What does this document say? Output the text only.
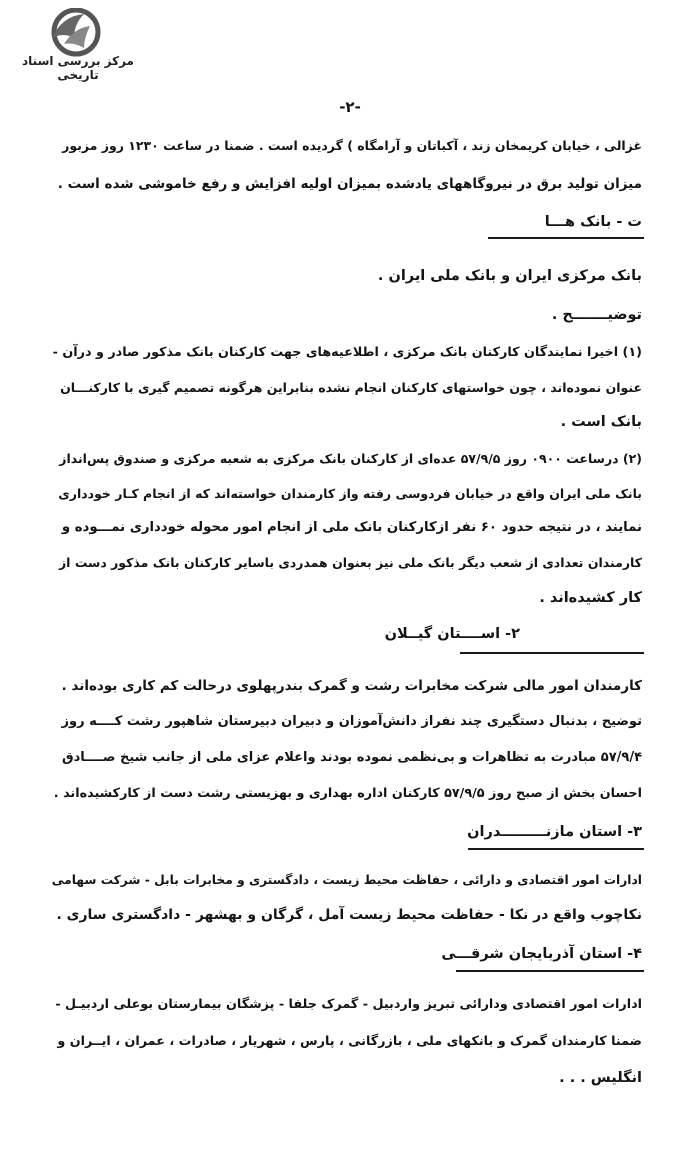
مرکز بررسی اسناد تاریخی
-۲-
غزالی ، خیابان کریمخان زند ، آکباتان و آرامگاه ) گردیده است . ضمنا در ساعت ۱۲۳۰ روز مزبور
میزان تولید برق در نیروگاههای یادشده بمیزان اولیه افزایش و رفع خاموشی شده است .
ت - بانک هـــا
بانک مرکزی ایران و بانک ملی ایران .
توضیـــــــح .
(۱) اخیرا نمایندگان کارکنان بانک مرکزی ، اطلاعیه‌های جهت کارکنان بانک مذکور صادر و درآن -
عنوان نموده‌اند ، چون خواستهای کارکنان انجام نشده بنابراین هرگونه تصمیم گیری با کارکنـــان
بانک است .
(۲) درساعت ۰۹۰۰ روز ۵۷/۹/۵ عده‌ای از کارکنان بانک مرکزی به شعبه مرکزی و صندوق پس‌انداز
بانک ملی ایران واقع در خیابان فردوسی رفته واز کارمندان خواسته‌اند که از انجام کـار خودداری
نمایند ، در نتیجه حدود ۶۰ نفر ازکارکنان بانک ملی از انجام امور محوله خودداری نمـــوده و
کارمندان تعدادی از شعب دیگر بانک ملی نیز بعنوان همدردی باسایر کارکنان بانک مذکور دست از
کار کشیده‌اند .
۲- اســــتان گیــلان
کارمندان امور مالی شرکت مخابرات رشت و گمرک بندرپهلوی درحالت کم کاری بوده‌اند .
توضیح ، بدنبال دستگیری چند نفراز دانش‌آموزان و دبیران دبیرستان شاهپور رشت کــــه روز
۵۷/۹/۴ مبادرت به تظاهرات و بی‌نظمی نموده بودند واعلام عزای ملی از جانب شیخ صــــادق
احسان بخش از صبح روز ۵۷/۹/۵ کارکنان اداره بهداری و بهزیستی رشت دست از کارکشیده‌اند .
۳- استان مازنـــــــــدران
ادارات امور اقتصادی و دارائی ، حفاظت محیط زیست ، دادگستری و مخابرات بابل - شرکت سهامی
نکاچوب واقع در نکا - حفاظت محیط زیست آمل ، گرگان و بهشهر - دادگستری ساری .
۴- استان آذربایجان شرقـــی
ادارات امور اقتصادی ودارائی تبریز واردبیل - گمرک جلفا - پزشگان بیمارستان بوعلی اردبیـل -
ضمنا کارمندان گمرک و بانکهای ملی ، بازرگانی ، پارس ، شهریار ، صادرات ، عمران ، ایــران و
انگلیس . . .
